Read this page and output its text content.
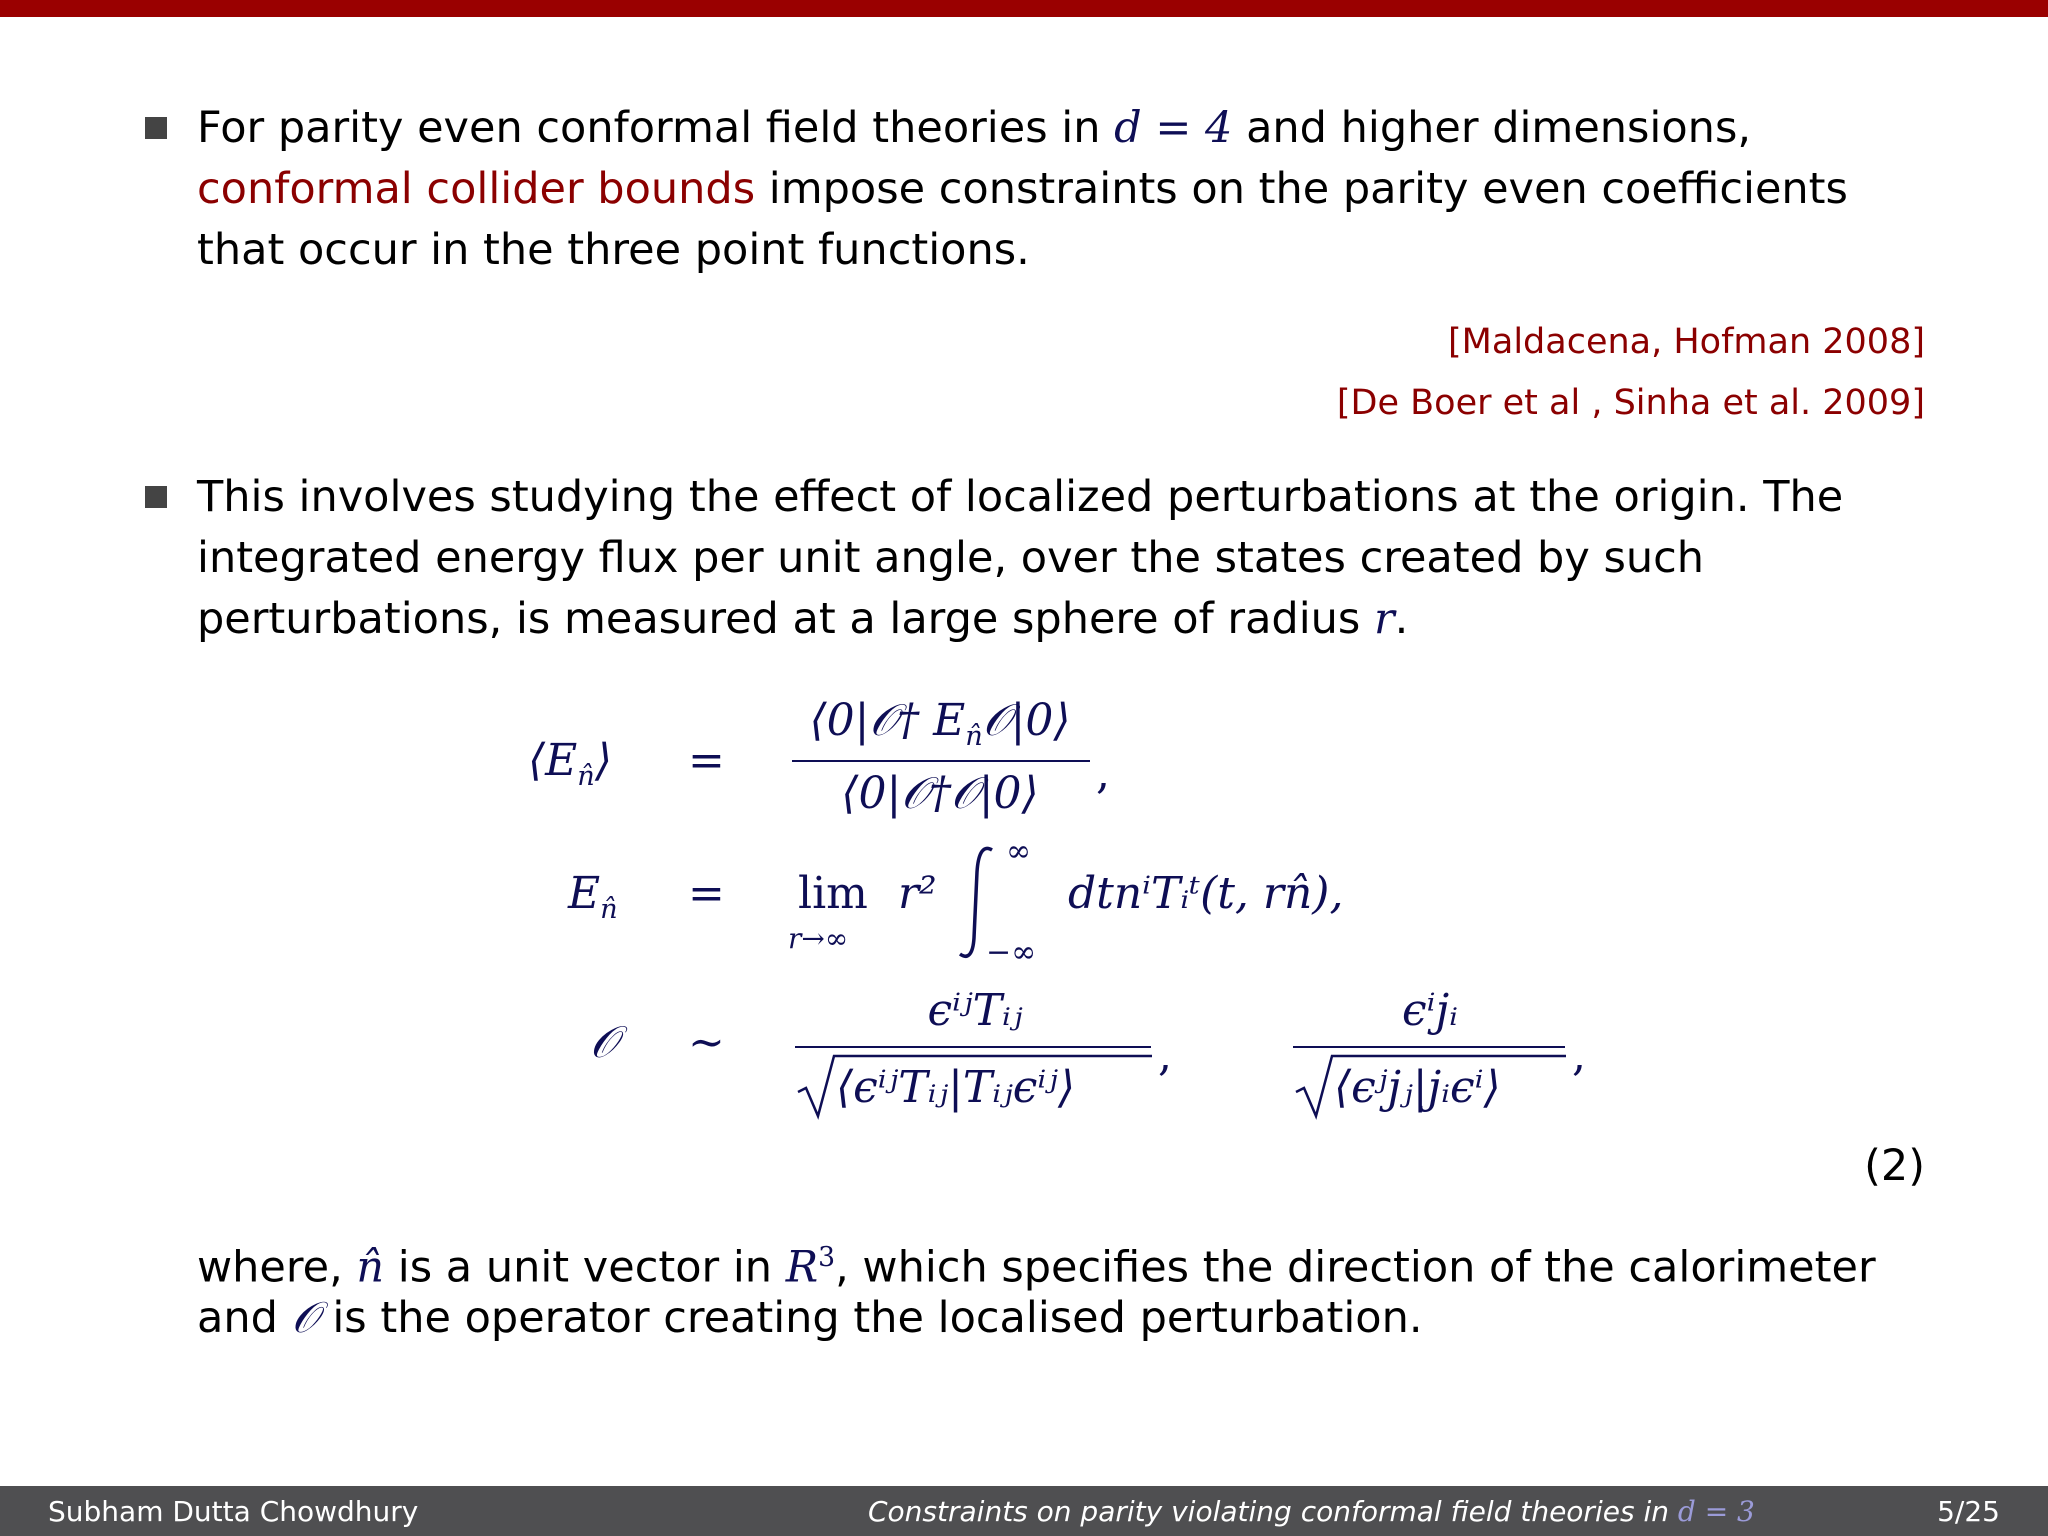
For parity even conformal field theories in d = 4 and higher dimensions,
conformal collider bounds impose constraints on the parity even coefficients
that occur in the three point functions.
[Maldacena, Hofman 2008]
[De Boer et al , Sinha et al. 2009]
This involves studying the effect of localized perturbations at the origin. The
integrated energy flux per unit angle, over the states created by such
perturbations, is measured at a large sphere of radius r.
$⟨E_{n̂}⟩$ =
⟨0|𝒪† $E_{n̂}𝒪|0⟩$
⟨0|𝒪†𝒪|0⟩	,
$E_{n̂} = \lim$
r→∞
r²
∞
−∞
dtnⁱTᵢᵗ(t, rn̂),
𝒪 ∼
ϵⁱʲTᵢⱼ
⟨ϵⁱʲTᵢⱼ|Tᵢⱼϵⁱʲ⟩
,
ϵⁱjᵢ
⟨ϵʲjⱼ|jᵢϵⁱ⟩
,
(2)
where, n̂ is a unit vector in $R^3$, which specifies the direction of the calorimeter
and 𝒪 is the operator creating the localised perturbation.
Subham Dutta Chowdhury	Constraints on parity violating conformal field theories in d = 3	5/25
